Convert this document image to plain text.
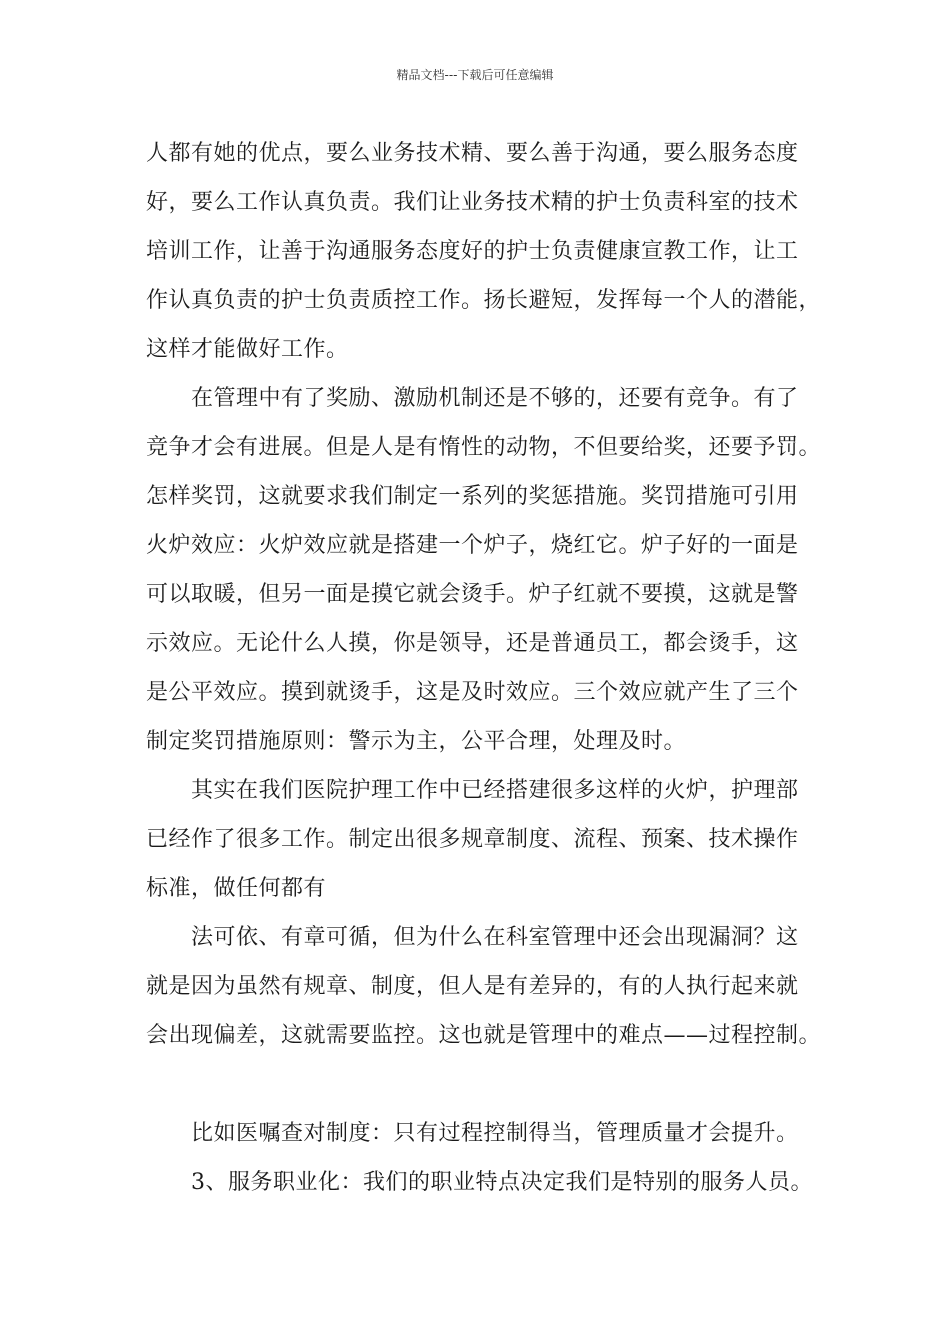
精品文档---下载后可任意编辑
人都有她的优点，要么业务技术精、要么善于沟通，要么服务态度
好，要么工作认真负责。我们让业务技术精的护士负责科室的技术
培训工作，让善于沟通服务态度好的护士负责健康宣教工作，让工
作认真负责的护士负责质控工作。扬长避短，发挥每一个人的潜能，
这样才能做好工作。
在管理中有了奖励、激励机制还是不够的，还要有竞争。有了
竞争才会有进展。但是人是有惰性的动物，不但要给奖，还要予罚。
怎样奖罚，这就要求我们制定一系列的奖惩措施。奖罚措施可引用
火炉效应：火炉效应就是搭建一个炉子，烧红它。炉子好的一面是
可以取暖，但另一面是摸它就会烫手。炉子红就不要摸，这就是警
示效应。无论什么人摸，你是领导，还是普通员工，都会烫手，这
是公平效应。摸到就烫手，这是及时效应。三个效应就产生了三个
制定奖罚措施原则：警示为主，公平合理，处理及时。
其实在我们医院护理工作中已经搭建很多这样的火炉，护理部
已经作了很多工作。制定出很多规章制度、流程、预案、技术操作
标准，做任何都有
法可依、有章可循，但为什么在科室管理中还会出现漏洞？这
就是因为虽然有规章、制度，但人是有差异的，有的人执行起来就
会出现偏差，这就需要监控。这也就是管理中的难点——过程控制。
比如医嘱查对制度：只有过程控制得当，管理质量才会提升。
3、服务职业化：我们的职业特点决定我们是特别的服务人员。
